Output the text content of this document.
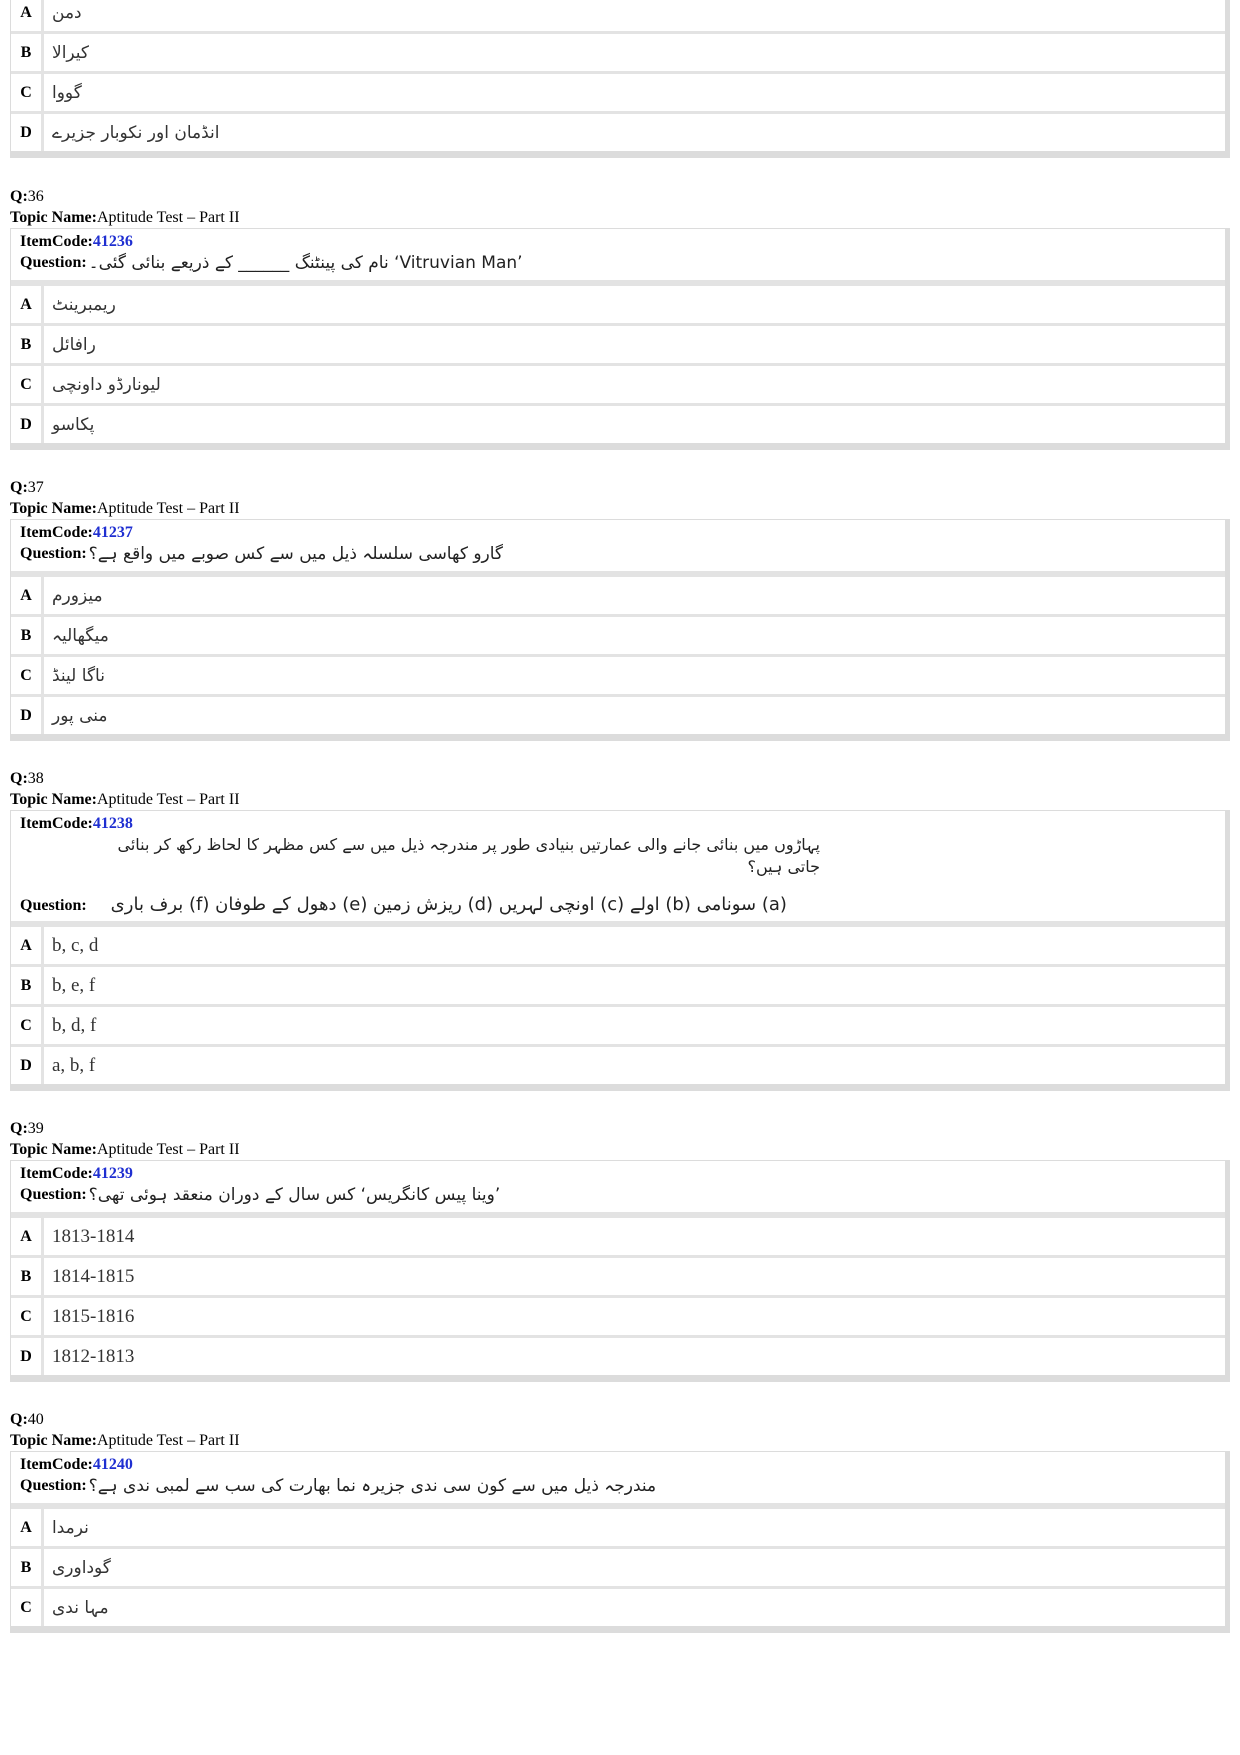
A	دمن
B	کیرالا
C	گووا
D	انڈمان اور نکوبار جزیرے
Q:36
Topic Name:Aptitude Test – Part II
ItemCode:41236
Question: ’Vitruvian Man‘ نام کی پینٹنگ ______ کے ذریعے بنائی گئی۔
A	ریمبرینٹ
B	رافائل
C	لیونارڈو داونچی
D	پکاسو
Q:37
Topic Name:Aptitude Test – Part II
ItemCode:41237
Question: گارو کھاسی سلسلہ ذیل میں سے کس صوبے میں واقع ہے؟
A	میزورم
B	میگھالیہ
C	ناگا لینڈ
D	منی پور
Q:38
Topic Name:Aptitude Test – Part II
ItemCode:41238
پہاڑوں میں بنائی جانے والی عمارتیں بنیادی طور پر مندرجہ ذیل میں سے کس مظہر کا لحاظ رکھ کر بنائی جاتی ہیں؟
Question: (a) سونامی (b) اولے (c) اونچی لہریں (d) ریزش زمین (e) دھول کے طوفان (f) برف باری
A	b, c, d
B	b, e, f
C	b, d, f
D	a, b, f
Q:39
Topic Name:Aptitude Test – Part II
ItemCode:41239
Question: ’وینا پیس کانگریس‘ کس سال کے دوران منعقد ہوئی تھی؟
A	1813-1814
B	1814-1815
C	1815-1816
D	1812-1813
Q:40
Topic Name:Aptitude Test – Part II
ItemCode:41240
Question: مندرجہ ذیل میں سے کون سی ندی جزیرہ نما بھارت کی سب سے لمبی ندی ہے؟
A	نرمدا
B	گوداوری
C	مہا ندی
